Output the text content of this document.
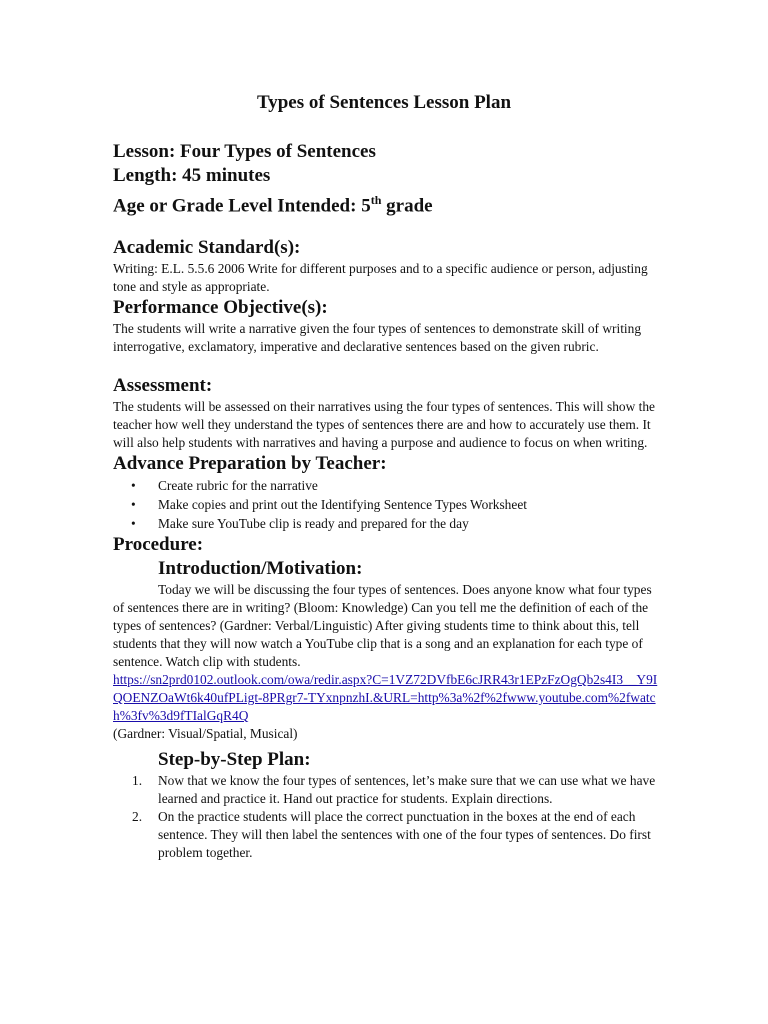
Types of Sentences Lesson Plan
Lesson: Four Types of Sentences
Length: 45 minutes
Age or Grade Level Intended: 5th grade
Academic Standard(s):

Writing: E.L. 5.5.6 2006 Write for different purposes and to a specific audience or person, adjusting tone and style as appropriate.

Performance Objective(s):

The students will write a narrative given the four types of sentences to demonstrate skill of writing interrogative, exclamatory, imperative and declarative sentences based on the given rubric.

Assessment:

The students will be assessed on their narratives using the four types of sentences. This will show the teacher how well they understand the types of sentences there are and how to accurately use them. It will also help students with narratives and having a purpose and audience to focus on when writing.

Advance Preparation by Teacher:
• Create rubric for the narrative
• Make copies and print out the Identifying Sentence Types Worksheet
• Make sure YouTube clip is ready and prepared for the day
Procedure:
Introduction/Motivation:

Today we will be discussing the four types of sentences. Does anyone know what four types of sentences there are in writing? (Bloom: Knowledge) Can you tell me the definition of each of the types of sentences? (Gardner: Verbal/Linguistic) After giving students time to think about this, tell students that they will now watch a YouTube clip that is a song and an explanation for each type of sentence. Watch clip with students.

https://sn2prd0102.outlook.com/owa/redir.aspx?C=1VZ72DVfbE6cJRR43r1EPzFzOgQb2s4I3__Y9IQOENZOaWt6k40ufPLigt-8PRgr7-TYxnpnzhI.&URL=http%3a%2f%2fwww.youtube.com%2fwatch%3fv%3d9fTIalGqR4Q

(Gardner: Visual/Spatial, Musical)

Step-by-Step Plan:
1. Now that we know the four types of sentences, let’s make sure that we can use what we have learned and practice it. Hand out practice for students. Explain directions.
2. On the practice students will place the correct punctuation in the boxes at the end of each sentence. They will then label the sentences with one of the four types of sentences. Do first problem together.
